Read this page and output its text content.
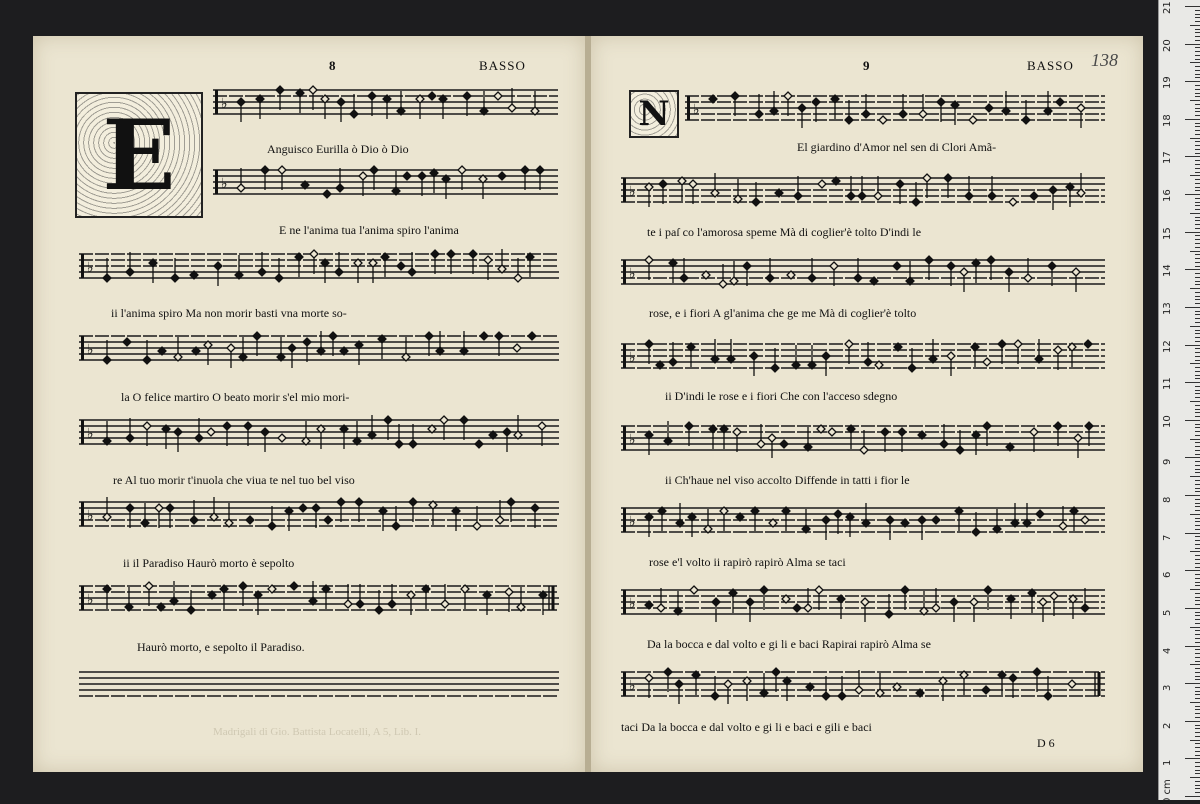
21
20
19
18
17
16
15
14
13
12
11
10
9
8
7
6
5
4
3
2
1
0 cm
8	BASSO
E	♭
Anguisco Eurilla ò Dio ò Dio
♭
E ne l'anima tua l'anima spiro l'anima
♭
ii l'anima spiro Ma non morir basti vna morte so-
♭
la O felice martiro O beato morir s'el mio mori-
♭
re Al tuo morir t'inuola che viua te nel tuo bel viso
♭
ii il Paradiso Haurò morto è sepolto
♭
Haurò morto, e sepolto il Paradiso.
Madrigali di Gio. Battista Locatelli, A 5, Lib. I.
9	BASSO 138
N ♭
El giardino d'Amor nel sen di Clori Amã-
♭
te i paſ co l'amorosa speme Mà di coglier'è tolto D'indi le
♭
rose, e i fiori A gl'anima che ge me Mà di coglier'è tolto
♭
ii D'indi le rose e i fiori Che con l'acceso sdegno
♭
ii Ch'haue nel viso accolto Diffende in tatti i fior le
♭
rose e'l volto ii rapirò rapirò Alma se taci
♭
Da la bocca e dal volto e gi li e baci Rapirai rapirò Alma se
♭
taci Da la bocca e dal volto e gi li e baci e gili e baci
D 6
